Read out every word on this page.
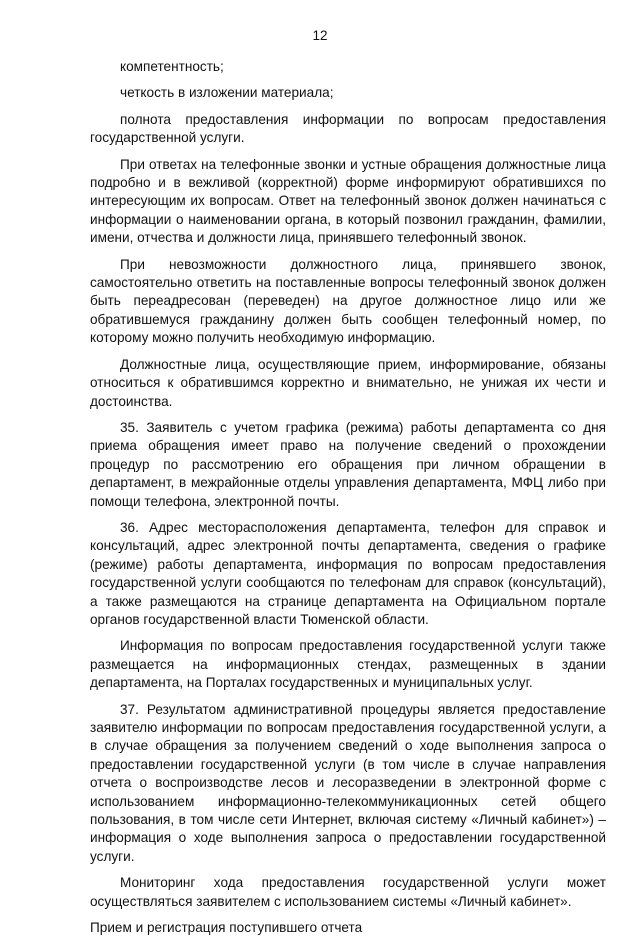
12

компетентность;

четкость в изложении материала;

полнота предоставления информации по вопросам предоставления государственной услуги.

При ответах на телефонные звонки и устные обращения должностные лица подробно и в вежливой (корректной) форме информируют обратившихся по интересующим их вопросам. Ответ на телефонный звонок должен начинаться с информации о наименовании органа, в который позвонил гражданин, фамилии, имени, отчества и должности лица, принявшего телефонный звонок.

При невозможности должностного лица, принявшего звонок, самостоятельно ответить на поставленные вопросы телефонный звонок должен быть переадресован (переведен) на другое должностное лицо или же обратившемуся гражданину должен быть сообщен телефонный номер, по которому можно получить необходимую информацию.

Должностные лица, осуществляющие прием, информирование, обязаны относиться к обратившимся корректно и внимательно, не унижая их чести и достоинства.

35. Заявитель с учетом графика (режима) работы департамента со дня приема обращения имеет право на получение сведений о прохождении процедур по рассмотрению его обращения при личном обращении в департамент, в межрайонные отделы управления департамента, МФЦ либо при помощи телефона, электронной почты.

36. Адрес месторасположения департамента, телефон для справок и консультаций, адрес электронной почты департамента, сведения о графике (режиме) работы департамента, информация по вопросам предоставления государственной услуги сообщаются по телефонам для справок (консультаций), а также размещаются на странице департамента на Официальном портале органов государственной власти Тюменской области.

Информация по вопросам предоставления государственной услуги также размещается на информационных стендах, размещенных в здании департамента, на Порталах государственных и муниципальных услуг.

37. Результатом административной процедуры является предоставление заявителю информации по вопросам предоставления государственной услуги, а в случае обращения за получением сведений о ходе выполнения запроса о предоставлении государственной услуги (в том числе в случае направления отчета о воспроизводстве лесов и лесоразведении в электронной форме с использованием информационно-телекоммуникационных сетей общего пользования, в том числе сети Интернет, включая систему «Личный кабинет») – информация о ходе выполнения запроса о предоставлении государственной услуги.

Мониторинг хода предоставления государственной услуги может осуществляться заявителем с использованием системы «Личный кабинет».

Прием и регистрация поступившего отчета
